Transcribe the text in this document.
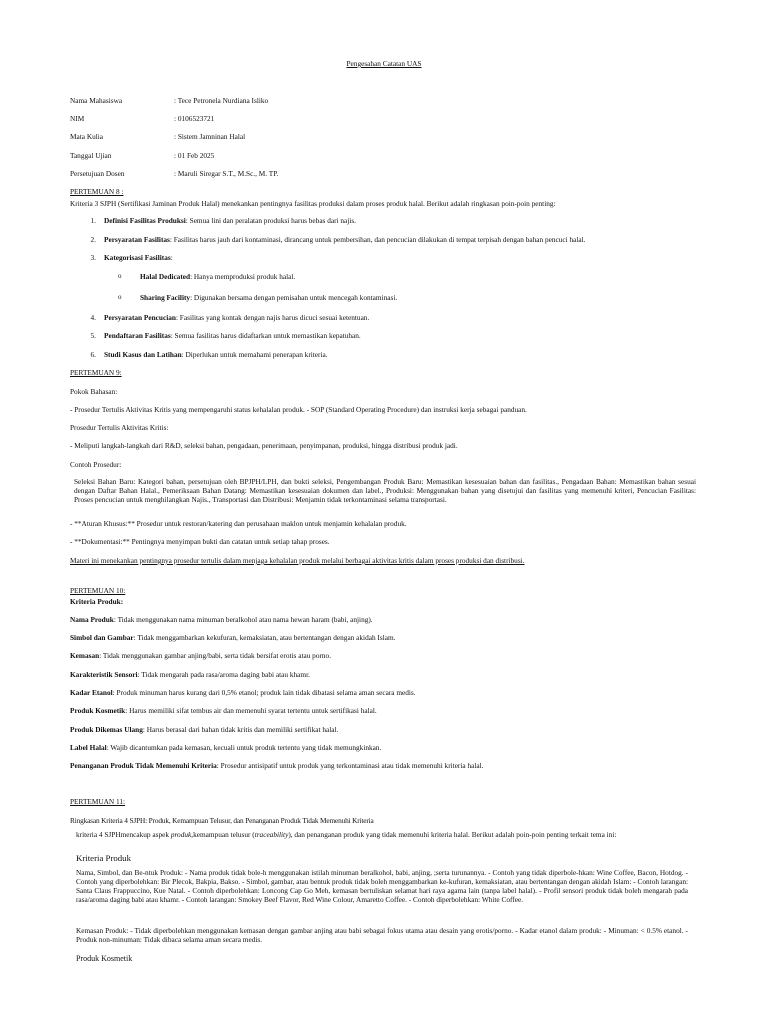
Pengesahan Catatan UAS
Nama Mahasiswa	: Tece Petronela Nurdiana Isliko
NIM	: 0106523721
Mata Kulia	: Sistem Jamninan Halal
Tanggal Ujian	: 01 Feb 2025
Persetujuan Dosen	: Maruli Siregar S.T., M.Sc., M. TP.
PERTEMUAN 8 :
Kriteria 3 SJPH (Sertifikasi Jaminan Produk Halal) menekankan pentingnya fasilitas produksi dalam proses produk halal. Berikut adalah ringkasan poin-poin penting:
1. Definisi Fasilitas Produksi: Semua lini dan peralatan produksi harus bebas dari najis.
2. Persyaratan Fasilitas: Fasilitas harus jauh dari kontaminasi, dirancang untuk pembersihan, dan pencucian dilakukan di tempat terpisah dengan bahan pencuci halal.
3. Kategorisasi Fasilitas:
o	Halal Dedicated: Hanya memproduksi produk halal.
o	Sharing Facility: Digunakan bersama dengan pemisahan untuk mencegah kontaminasi.
4. Persyaratan Pencucian: Fasilitas yang kontak dengan najis harus dicuci sesuai ketentuan.
5. Pendaftaran Fasilitas: Semua fasilitas harus didaftarkan untuk memastikan kepatuhan.
6. Studi Kasus dan Latihan: Diperlukan untuk memahami penerapan kriteria.
PERTEMUAN 9:
Pokok Bahasan:
- Prosedur Tertulis Aktivitas Kritis yang mempengaruhi status kehalalan produk. - SOP (Standard Operating Procedure) dan instruksi kerja sebagai panduan.
Prosedur Tertulis Aktivitas Kritis:
- Meliputi langkah-langkah dari R&D, seleksi bahan, pengadaan, penerimaan, penyimpanan, produksi, hingga distribusi produk jadi.
Contoh Prosedur:
Seleksi Bahan Baru: Kategori bahan, persetujuan oleh BPJPH/LPH, dan bukti seleksi, Pengembangan Produk Baru: Memastikan kesesuaian bahan dan fasilitas., Pengadaan Bahan: Memastikan bahan sesuai dengan Daftar Bahan Halal., Pemeriksaan Bahan Datang: Memastikan kesesuaian dokumen dan label., Produksi: Menggunakan bahan yang disetujui dan fasilitas yang memenuhi kriteri, Pencucian Fasilitas: Proses pencucian untuk menghilangkan Najis., Transportasi dan Distribusi: Menjamin tidak terkontaminasi selama transportasi.
- **Aturan Khusus:** Prosedur untuk restoran/katering dan perusahaan maklon untuk menjamin kehalalan produk.
- **Dokumentasi:** Pentingnya menyimpan bukti dan catatan untuk setiap tahap proses.
Materi ini menekankan pentingnya prosedur tertulis dalam menjaga kehalalan produk melalui berbagai aktivitas kritis dalam proses produksi dan distribusi.
PERTEMUAN 10:
Kriteria Produk:
Nama Produk: Tidak menggunakan nama minuman beralkohol atau nama hewan haram (babi, anjing).
Simbol dan Gambar: Tidak menggambarkan kekufuran, kemaksiatan, atau bertentangan dengan akidah Islam.
Kemasan: Tidak menggunakan gambar anjing/babi, serta tidak bersifat erotis atau porno.
Karakteristik Sensori: Tidak mengarah pada rasa/aroma daging babi atau khamr.
Kadar Etanol: Produk minuman harus kurang dari 0,5% etanol; produk lain tidak dibatasi selama aman secara medis.
Produk Kosmetik: Harus memiliki sifat tembus air dan memenuhi syarat tertentu untuk sertifikasi halal.
Produk Dikemas Ulang: Harus berasal dari bahan tidak kritis dan memiliki sertifikat halal.
Label Halal: Wajib dicantumkan pada kemasan, kecuali untuk produk tertentu yang tidak memungkinkan.
Penanganan Produk Tidak Memenuhi Kriteria: Prosedur antisipatif untuk produk yang terkontaminasi atau tidak memenuhi kriteria halal.
PERTEMUAN 11:
Ringkasan Kriteria 4 SJPH: Produk, Kemampuan Telusur, dan Penanganan Produk Tidak Memenuhi Kriteria
kriteria 4 SJPHmencakup aspek produk,kemampuan telusur (traceability), dan penanganan produk yang tidak memenuhi kriteria halal. Berikut adalah poin-poin penting terkait tema ini:
Kriteria Produk
Nama, Simbol, dan Be-ntuk Produk: - Nama produk tidak bole-h menggunakan istilah minuman beralkohol, babi, anjing, ;serta turunannya. - Contoh yang tidak diperbole-hkan: Wine Coffee, Bacon, Hotdog. - Contoh yang diperbolehkan: Bir Plecok, Bakpia, Bakso. - Simbol, gambar, atau bentuk produk tidak boleh menggambarkan ke-kufuran, kemaksiatan, atau bertentangan dengan akidah Islam: - Contoh larangan: Santa Claus Frappuccino, Kue Natal. - Contoh diperbolehkan: Loncong Cap Go Meh, kemasan bertuliskan selamat hari raya agama lain (tanpa label halal). - Profil sensori produk tidak boleh mengarah pada rasa/aroma daging babi atau khamr. - Contoh larangan: Smokey Beef Flavor, Red Wine Colour, Amaretto Coffee. - Contoh diperbolehkan: White Coffee.
Kemasan Produk: - Tidak diperbolehkan menggunakan kemasan dengan gambar anjing atau babi sebagai fokus utama atau desain yang erotis/porno. - Kadar etanol dalam produk: - Minuman: < 0.5% etanol. - Produk non-minuman: Tidak dibaca selama aman secara medis.
Produk Kosmetik
